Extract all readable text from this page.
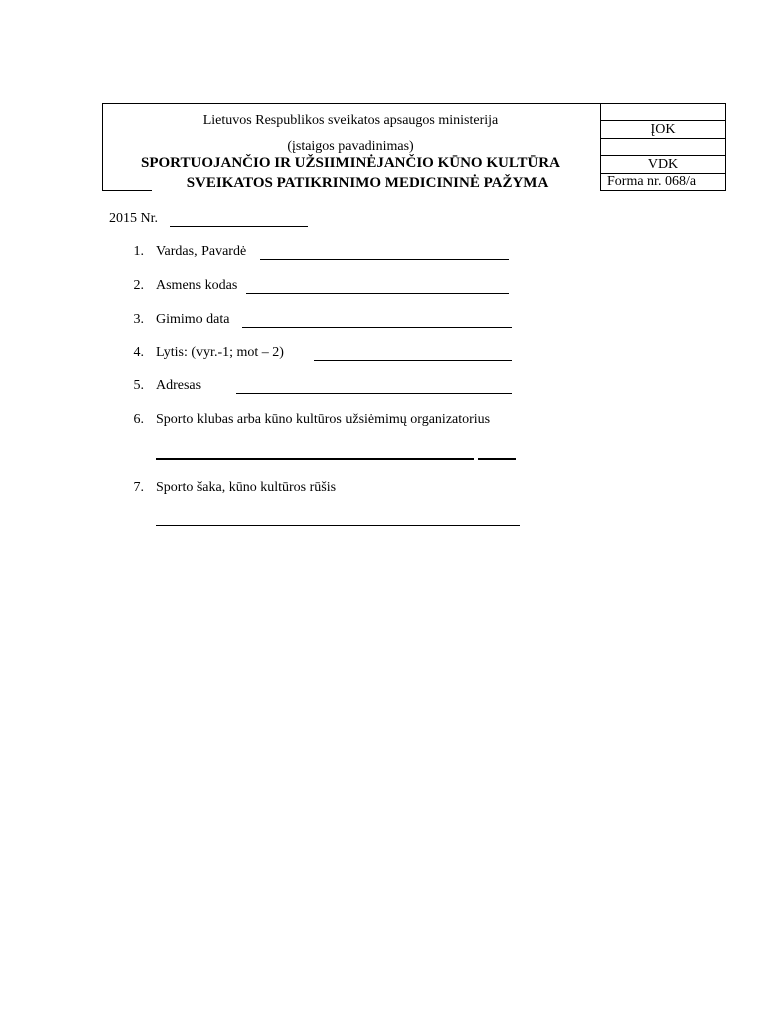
Lietuvos Respublikos sveikatos apsaugos ministerija
(įstaigos pavadinimas)
SPORTUOJANČIO IR UŽSIIMINĖJANČIO KŪNO KULTŪRA
SVEIKATOS PATIKRINIMO MEDICININĖ PAŽYMA
ĮOK
VDK
Forma nr. 068/a
2015 Nr.
1. Vardas, Pavardė
2. Asmens kodas
3. Gimimo data
4. Lytis: (vyr.-1; mot – 2)
5. Adresas
6. Sporto klubas arba kūno kultūros užsiėmimų organizatorius
7. Sporto šaka, kūno kultūros rūšis
